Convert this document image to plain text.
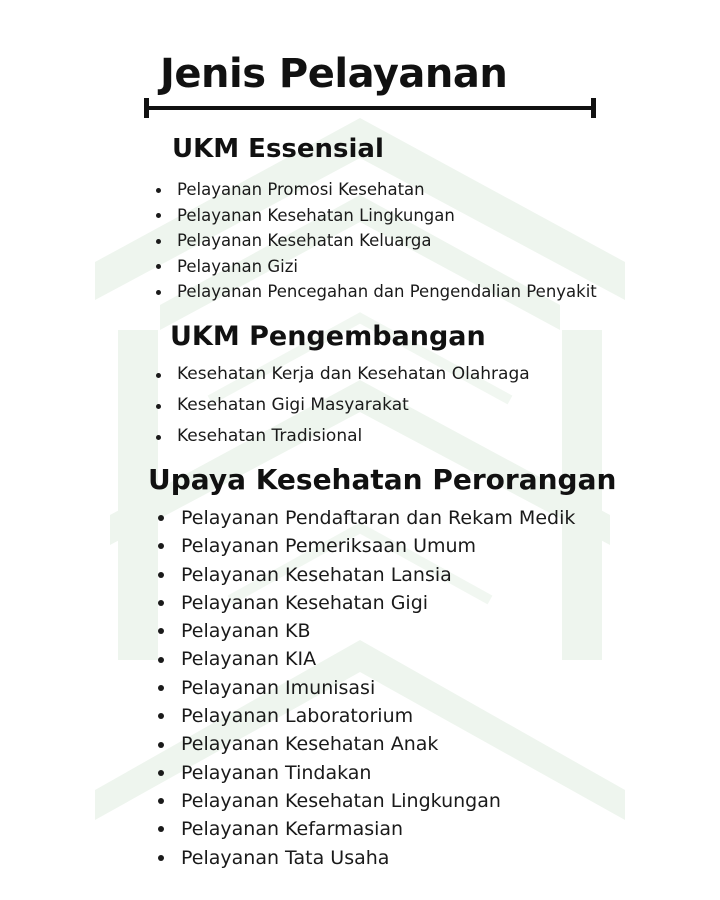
Jenis Pelayanan
UKM Essensial
Pelayanan Promosi Kesehatan
Pelayanan Kesehatan Lingkungan
Pelayanan Kesehatan Keluarga
Pelayanan Gizi
Pelayanan Pencegahan dan Pengendalian Penyakit
UKM Pengembangan
Kesehatan Kerja dan Kesehatan Olahraga
Kesehatan Gigi Masyarakat
Kesehatan Tradisional
Upaya Kesehatan Perorangan
Pelayanan Pendaftaran dan Rekam Medik
Pelayanan Pemeriksaan Umum
Pelayanan Kesehatan Lansia
Pelayanan Kesehatan Gigi
Pelayanan KB
Pelayanan KIA
Pelayanan Imunisasi
Pelayanan Laboratorium
Pelayanan Kesehatan Anak
Pelayanan Tindakan
Pelayanan Kesehatan Lingkungan
Pelayanan Kefarmasian
Pelayanan Tata Usaha
